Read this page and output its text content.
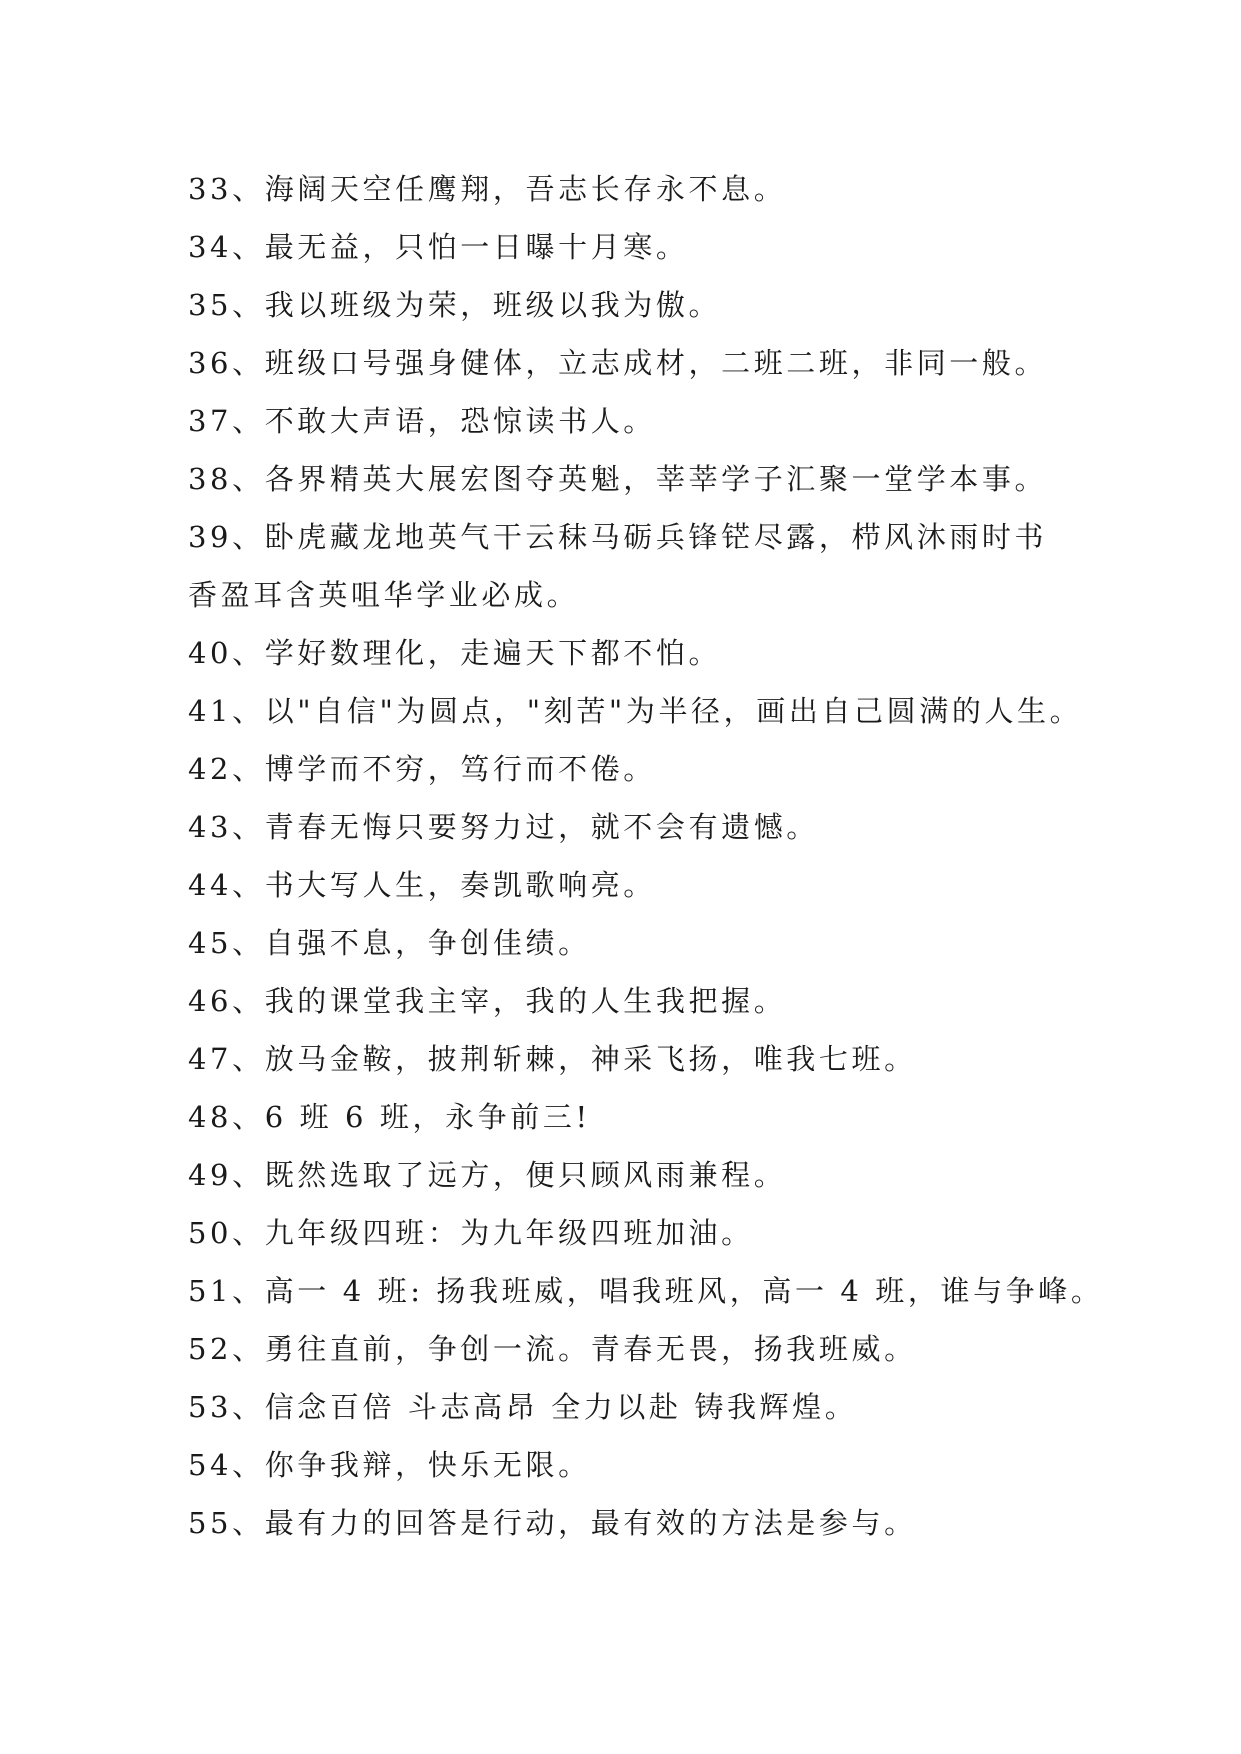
33、海阔天空任鹰翔，吾志长存永不息。

34、最无益，只怕一日曝十月寒。

35、我以班级为荣，班级以我为傲。

36、班级口号强身健体，立志成材，二班二班，非同一般。

37、不敢大声语，恐惊读书人。

38、各界精英大展宏图夺英魁，莘莘学子汇聚一堂学本事。

39、卧虎藏龙地英气干云秣马砺兵锋铓尽露，栉风沐雨时书

香盈耳含英咀华学业必成。

40、学好数理化，走遍天下都不怕。

41、以"自信"为圆点，"刻苦"为半径，画出自己圆满的人生。

42、博学而不穷，笃行而不倦。

43、青春无悔只要努力过，就不会有遗憾。

44、书大写人生，奏凯歌响亮。

45、自强不息，争创佳绩。

46、我的课堂我主宰，我的人生我把握。

47、放马金鞍，披荆斩棘，神采飞扬，唯我七班。

48、6 班 6 班，永争前三!

49、既然选取了远方，便只顾风雨兼程。

50、九年级四班：为九年级四班加油。

51、高一 4 班: 扬我班威，唱我班风，高一 4 班，谁与争峰。

52、勇往直前，争创一流。青春无畏，扬我班威。

53、信念百倍 斗志高昂 全力以赴 铸我辉煌。

54、你争我辩，快乐无限。

55、最有力的回答是行动，最有效的方法是参与。
